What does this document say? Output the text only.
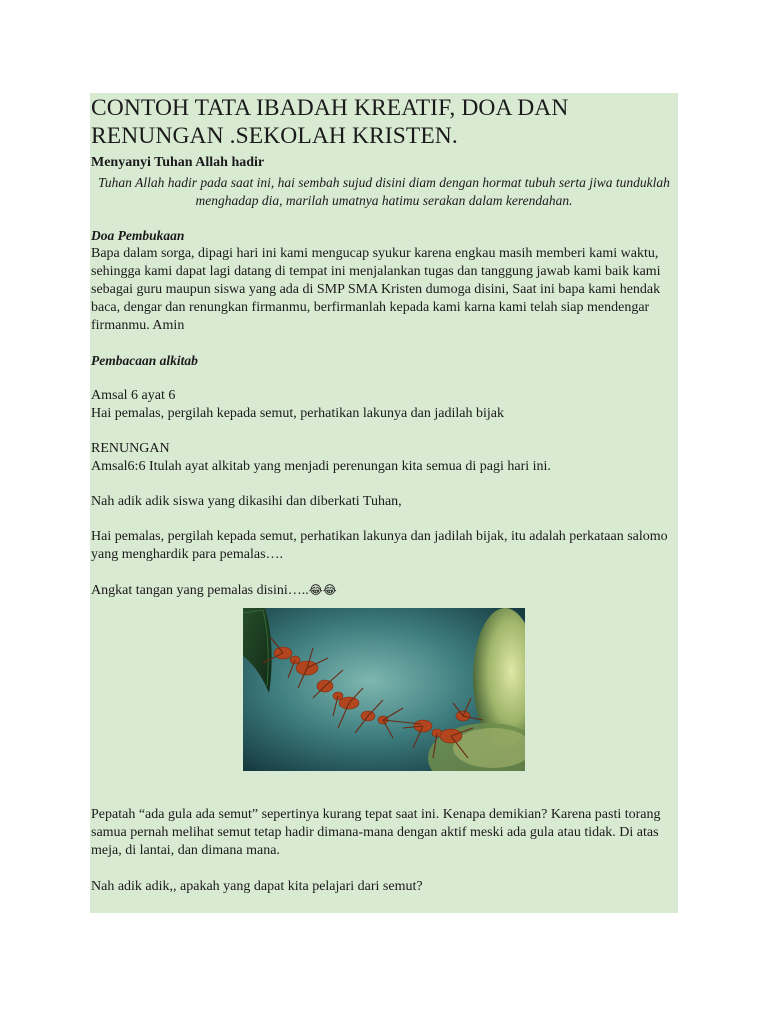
CONTOH TATA IBADAH KREATIF, DOA DAN RENUNGAN .SEKOLAH KRISTEN.

Menyanyi Tuhan Allah hadir

Tuhan Allah hadir pada saat ini, hai sembah sujud disini diam dengan hormat tubuh serta jiwa tunduklah menghadap dia, marilah umatnya hatimu serakan dalam kerendahan.

Doa Pembukaan

Bapa dalam sorga, dipagi hari ini kami mengucap syukur karena engkau masih memberi kami waktu, sehingga kami dapat lagi datang di tempat ini menjalankan tugas dan tanggung jawab kami baik kami sebagai guru maupun siswa yang ada di SMP SMA Kristen dumoga disini, Saat ini bapa kami hendak baca, dengar dan renungkan firmanmu, berfirmanlah kepada kami karna kami telah siap mendengar firmanmu. Amin

Pembacaan alkitab

Amsal 6 ayat 6

Hai pemalas, pergilah kepada semut, perhatikan lakunya dan jadilah bijak

RENUNGAN

Amsal6:6 Itulah ayat alkitab yang menjadi perenungan kita semua di pagi hari ini.

Nah adik adik siswa yang dikasihi dan diberkati Tuhan,

Hai pemalas, pergilah kepada semut, perhatikan lakunya dan jadilah bijak, itu adalah perkataan salomo yang menghardik para pemalas….

Angkat tangan yang pemalas disini…..😂😂

Pepatah “ada gula ada semut” sepertinya kurang tepat saat ini. Kenapa demikian? Karena pasti torang samua pernah melihat semut tetap hadir dimana-mana dengan aktif meski ada gula atau tidak. Di atas meja, di lantai, dan dimana mana.

Nah adik adik,, apakah yang dapat kita pelajari dari semut?
